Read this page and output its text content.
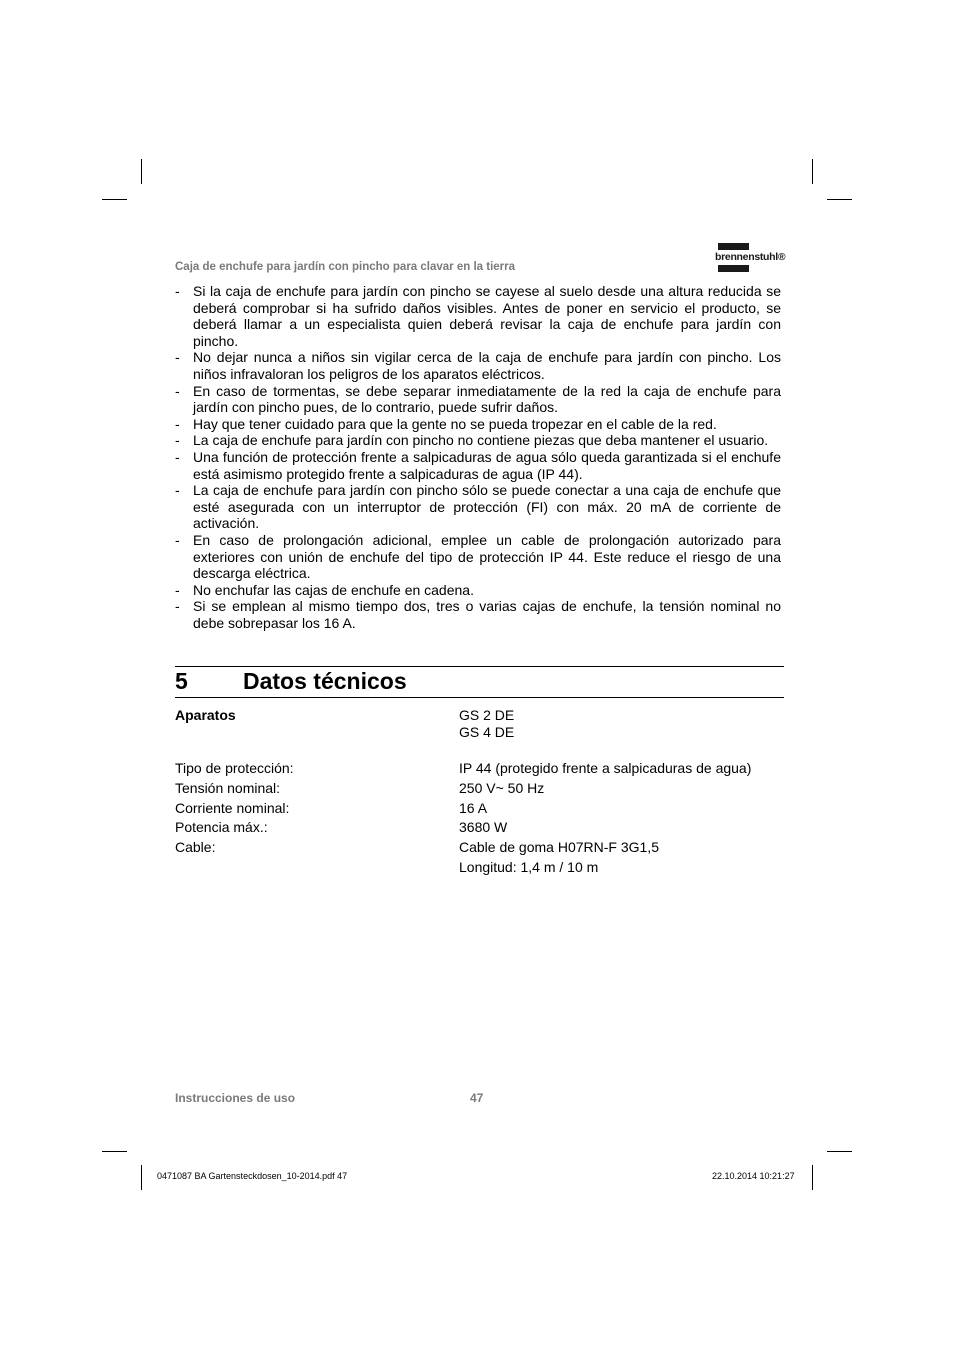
Caja de enchufe para jardín con pincho para clavar en la tierra
brennenstuhl®
- Si la caja de enchufe para jardín con pincho se cayese al suelo desde una altura reducida se deberá comprobar si ha sufrido daños visibles. Antes de poner en servicio el producto, se deberá llamar a un especialista quien deberá revisar la caja de enchufe para jardín con pincho.
- No dejar nunca a niños sin vigilar cerca de la caja de enchufe para jardín con pincho. Los niños infravaloran los peligros de los aparatos eléctricos.
- En caso de tormentas, se debe separar inmediatamente de la red la caja de enchufe para jardín con pincho pues, de lo contrario, puede sufrir daños.
- Hay que tener cuidado para que la gente no se pueda tropezar en el cable de la red.
- La caja de enchufe para jardín con pincho no contiene piezas que deba mantener el usuario.
- Una función de protección frente a salpicaduras de agua sólo queda garantizada si el enchufe está asimismo protegido frente a salpicaduras de agua (IP 44).
- La caja de enchufe para jardín con pincho sólo se puede conectar a una caja de enchufe que esté asegurada con un interruptor de protección (FI) con máx. 20 mA de corriente de activación.
- En caso de prolongación adicional, emplee un cable de prolongación autorizado para exteriores con unión de enchufe del tipo de protección IP 44. Este reduce el riesgo de una descarga eléctrica.
- No enchufar las cajas de enchufe en cadena.
- Si se emplean al mismo tiempo dos, tres o varias cajas de enchufe, la tensión nominal no debe sobrepasar los 16 A.
5 Datos técnicos
Aparatos	GS 2 DE
GS 4 DE
Tipo de protección:	IP 44 (protegido frente a salpicaduras de agua)
Tensión nominal:	250 V~ 50 Hz
Corriente nominal:	16 A
Potencia máx.:	3680 W
Cable:	Cable de goma H07RN-F 3G1,5
Longitud: 1,4 m / 10 m
Instrucciones de uso	47
0471087 BA Gartensteckdosen_10-2014.pdf 47	22.10.2014 10:21:27
